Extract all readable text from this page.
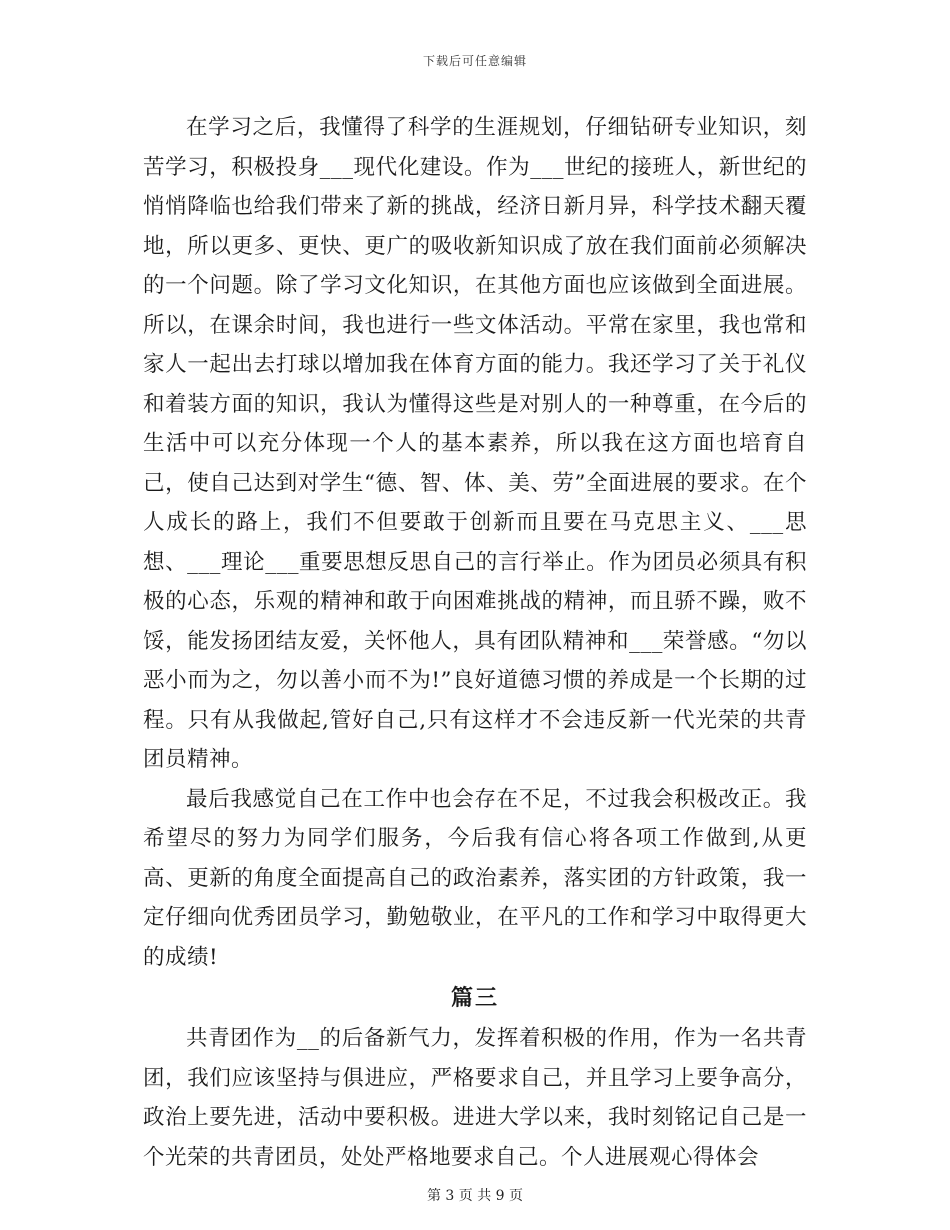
下载后可任意编辑

在学习之后，我懂得了科学的生涯规划，仔细钻研专业知识，刻苦学习，积极投身___现代化建设。作为___世纪的接班人，新世纪的悄悄降临也给我们带来了新的挑战，经济日新月异，科学技术翻天覆地，所以更多、更快、更广的吸收新知识成了放在我们面前必须解决的一个问题。除了学习文化知识，在其他方面也应该做到全面进展。所以，在课余时间，我也进行一些文体活动。平常在家里，我也常和家人一起出去打球以增加我在体育方面的能力。我还学习了关于礼仪和着装方面的知识，我认为懂得这些是对别人的一种尊重，在今后的生活中可以充分体现一个人的基本素养，所以我在这方面也培育自己，使自己达到对学生“德、智、体、美、劳”全面进展的要求。在个人成长的路上，我们不但要敢于创新而且要在马克思主义、___思想、___理论___重要思想反思自己的言行举止。作为团员必须具有积极的心态，乐观的精神和敢于向困难挑战的精神，而且骄不躁，败不馁，能发扬团结友爱，关怀他人，具有团队精神和___荣誉感。“勿以恶小而为之，勿以善小而不为!”良好道德习惯的养成是一个长期的过程。只有从我做起,管好自己,只有这样才不会违反新一代光荣的共青团员精神。

最后我感觉自己在工作中也会存在不足，不过我会积极改正。我希望尽的努力为同学们服务，今后我有信心将各项工作做到,从更高、更新的角度全面提高自己的政治素养，落实团的方针政策，我一定仔细向优秀团员学习，勤勉敬业，在平凡的工作和学习中取得更大的成绩!

篇三

共青团作为__的后备新气力，发挥着积极的作用，作为一名共青团，我们应该坚持与俱进应，严格要求自己，并且学习上要争高分，政治上要先进，活动中要积极。进进大学以来，我时刻铭记自己是一个光荣的共青团员，处处严格地要求自己。个人进展观心得体会

第 3 页 共 9 页
